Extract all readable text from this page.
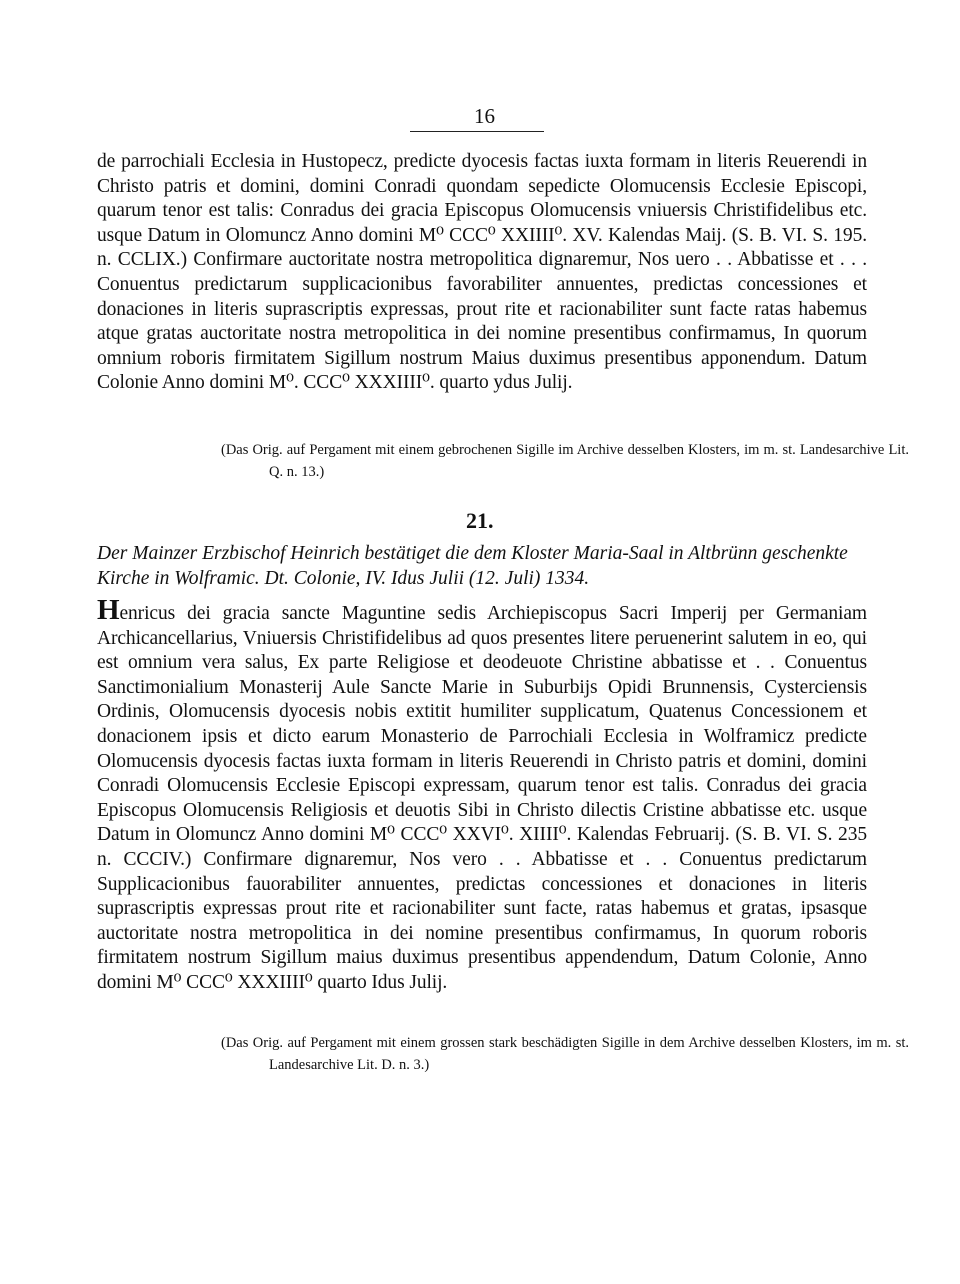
16

de parrochiali Ecclesia in Hustopecz, predicte dyocesis factas iuxta formam in literis Reuerendi in Christo patris et domini, domini Conradi quondam sepedicte Olomucensis Ecclesie Episcopi, quarum tenor est talis: Conradus dei gracia Episcopus Olomucensis vniuersis Christifidelibus etc. usque Datum in Olomuncz Anno domini M⁰ CCC⁰ XXIIII⁰. XV. Kalendas Maij. (S. B. VI. S. 195. n. CCLIX.) Confirmare auctoritate nostra metropolitica dignaremur, Nos uero . . Abbatisse et . . . Conuentus predictarum supplicacionibus favorabiliter annuentes, predictas concessiones et donaciones in literis suprascriptis expressas, prout rite et racionabiliter sunt facte ratas habemus atque gratas auctoritate nostra metropolitica in dei nomine presentibus confirmamus, In quorum omnium roboris firmitatem Sigillum nostrum Maius duximus presentibus apponendum. Datum Colonie Anno domini M⁰. CCC⁰ XXXIIII⁰. quarto ydus Julij.

(Das Orig. auf Pergament mit einem gebrochenen Sigille im Archive desselben Klosters, im m. st. Landesarchive Lit. Q. n. 13.)

21.

Der Mainzer Erzbischof Heinrich bestätiget die dem Kloster Maria-Saal in Altbrünn geschenkte Kirche in Wolframic. Dt. Colonie, IV. Idus Julii (12. Juli) 1334.

Henricus dei gracia sancte Maguntine sedis Archiepiscopus Sacri Imperij per Germaniam Archicancellarius, Vniuersis Christifidelibus ad quos presentes litere peruenerint salutem in eo, qui est omnium vera salus, Ex parte Religiose et deodeuote Christine abbatisse et . . Conuentus Sanctimonialium Monasterij Aule Sancte Marie in Suburbijs Opidi Brunnensis, Cysterciensis Ordinis, Olomucensis dyocesis nobis extitit humiliter supplicatum, Quatenus Concessionem et donacionem ipsis et dicto earum Monasterio de Parrochiali Ecclesia in Wolframicz predicte Olomucensis dyocesis factas iuxta formam in literis Reuerendi in Christo patris et domini, domini Conradi Olomucensis Ecclesie Episcopi expressam, quarum tenor est talis. Conradus dei gracia Episcopus Olomucensis Religiosis et deuotis Sibi in Christo dilectis Cristine abbatisse etc. usque Datum in Olomuncz Anno domini M⁰ CCC⁰ XXVI⁰. XIIII⁰. Kalendas Februarij. (S. B. VI. S. 235 n. CCCIV.) Confirmare dignaremur, Nos vero . . Abbatisse et . . Conuentus predictarum Supplicacionibus fauorabiliter annuentes, predictas concessiones et donaciones in literis suprascriptis expressas prout rite et racionabiliter sunt facte, ratas habemus et gratas, ipsasque auctoritate nostra metropolitica in dei nomine presentibus confirmamus, In quorum roboris firmitatem nostrum Sigillum maius duximus presentibus appendendum, Datum Colonie, Anno domini M⁰ CCC⁰ XXXIIII⁰ quarto Idus Julij.

(Das Orig. auf Pergament mit einem grossen stark beschädigten Sigille in dem Archive desselben Klosters, im m. st. Landesarchive Lit. D. n. 3.)
